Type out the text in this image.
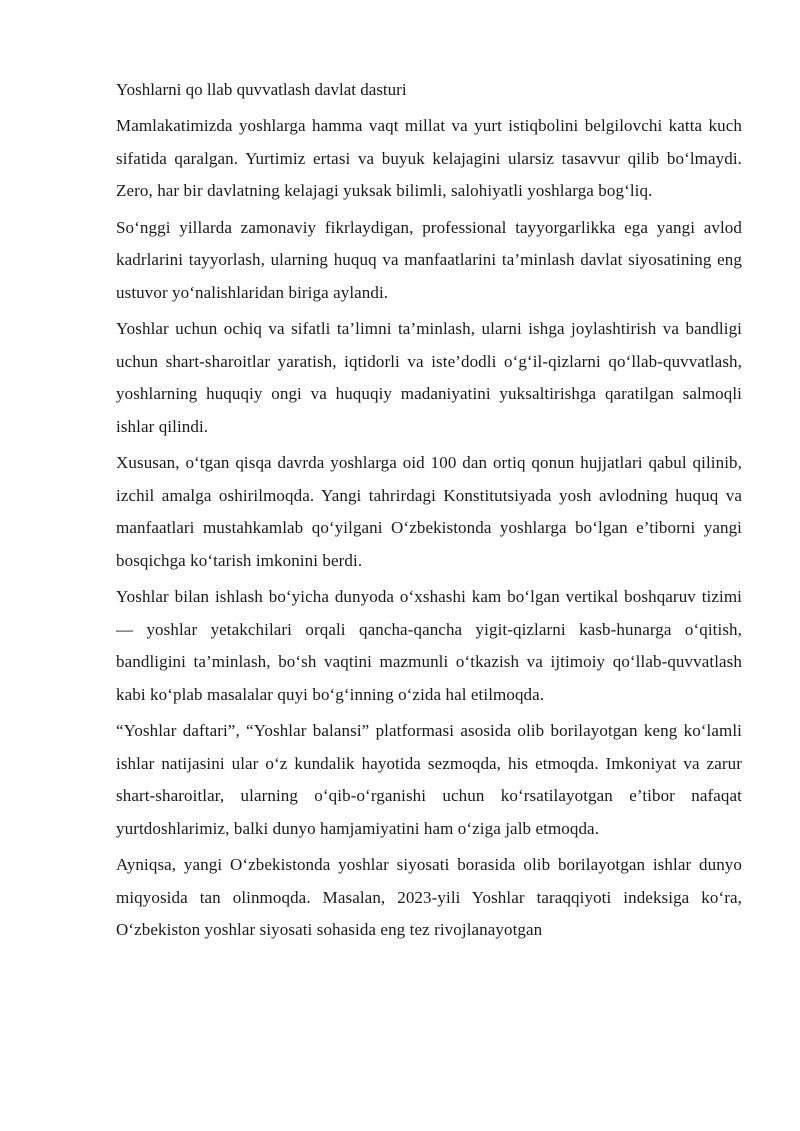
Yoshlarni qo llab quvvatlash davlat dasturi

Mamlakatimizda yoshlarga hamma vaqt millat va yurt istiqbolini belgilovchi katta kuch sifatida qaralgan. Yurtimiz ertasi va buyuk kelajagini ularsiz tasavvur qilib bo‘lmaydi. Zero, har bir davlatning kelajagi yuksak bilimli, salohiyatli yoshlarga bog‘liq.

So‘nggi yillarda zamonaviy fikrlaydigan, professional tayyorgarlikka ega yangi avlod kadrlarini tayyorlash, ularning huquq va manfaatlarini ta’minlash davlat siyosatining eng ustuvor yo‘nalishlaridan biriga aylandi.

Yoshlar uchun ochiq va sifatli ta’limni ta’minlash, ularni ishga joylashtirish va bandligi uchun shart-sharoitlar yaratish, iqtidorli va iste’dodli o‘g‘il-qizlarni qo‘llab-quvvatlash, yoshlarning huquqiy ongi va huquqiy madaniyatini yuksaltirishga qaratilgan salmoqli ishlar qilindi.

Xususan, o‘tgan qisqa davrda yoshlarga oid 100 dan ortiq qonun hujjatlari qabul qilinib, izchil amalga oshirilmoqda. Yangi tahrirdagi Konstitutsiyada yosh avlodning huquq va manfaatlari mustahkamlab qo‘yilgani O‘zbekistonda yoshlarga bo‘lgan e’tiborni yangi bosqichga ko‘tarish imkonini berdi.

Yoshlar bilan ishlash bo‘yicha dunyoda o‘xshashi kam bo‘lgan vertikal boshqaruv tizimi — yoshlar yetakchilari orqali qancha-qancha yigit-qizlarni kasb-hunarga o‘qitish, bandligini ta’minlash, bo‘sh vaqtini mazmunli o‘tkazish va ijtimoiy qo‘llab-quvvatlash kabi ko‘plab masalalar quyi bo‘g‘inning o‘zida hal etilmoqda.

“Yoshlar daftari”, “Yoshlar balansi” platformasi asosida olib borilayotgan keng ko‘lamli ishlar natijasini ular o‘z kundalik hayotida sezmoqda, his etmoqda. Imkoniyat va zarur shart-sharoitlar, ularning o‘qib-o‘rganishi uchun ko‘rsatilayotgan e’tibor nafaqat yurtdoshlarimiz, balki dunyo hamjamiyatini ham o‘ziga jalb etmoqda.

Ayniqsa, yangi O‘zbekistonda yoshlar siyosati borasida olib borilayotgan ishlar dunyo miqyosida tan olinmoqda. Masalan, 2023-yili Yoshlar taraqqiyoti indeksiga ko‘ra, O‘zbekiston yoshlar siyosati sohasida eng tez rivojlanayotgan
